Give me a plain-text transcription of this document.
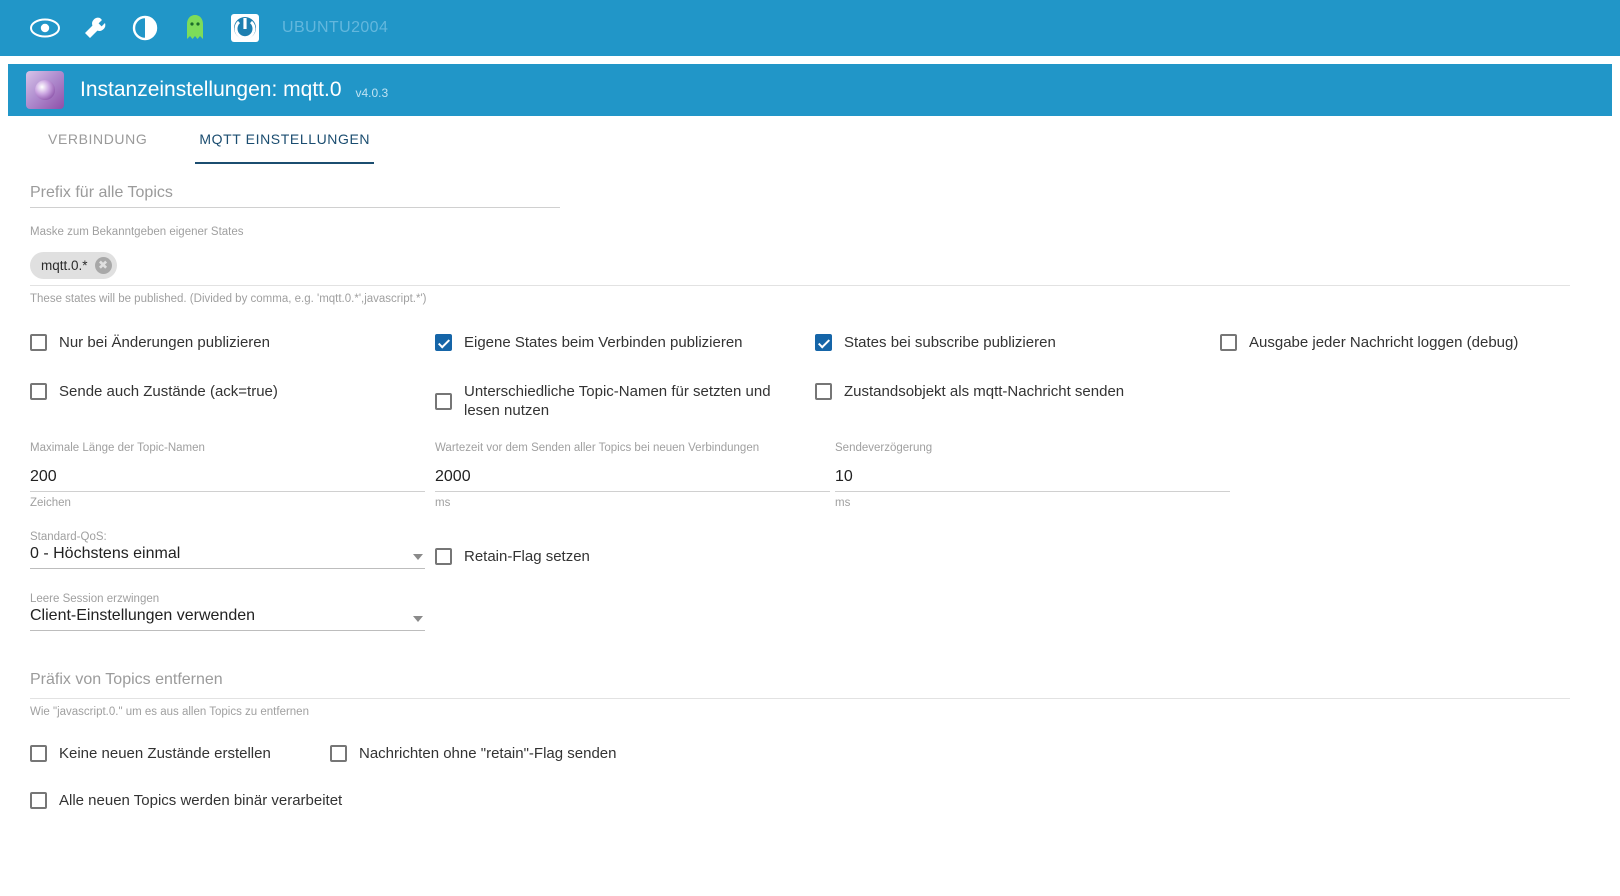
UBUNTU2004
Instanzeinstellungen: mqtt.0 v4.0.3
VERBINDUNG	MQTT EINSTELLUNGEN
Prefix für alle Topics
Maske zum Bekanntgeben eigener States
mqtt.0.* ✖
These states will be published. (Divided by comma, e.g. 'mqtt.0.*',javascript.*')
Nur bei Änderungen publizieren	Eigene States beim Verbinden publizieren	States bei subscribe publizieren	Ausgabe jeder Nachricht loggen (debug)
Sende auch Zustände (ack=true)	Unterschiedliche Topic-Namen für setzten und lesen nutzen
Zustandsobjekt als mqtt-Nachricht senden
Maximale Länge der Topic-Namen
200
Zeichen
Wartezeit vor dem Senden aller Topics bei neuen Verbindungen
2000
ms
Sendeverzögerung
10
ms
Standard-QoS:
0 - Höchstens einmal	Retain-Flag setzen
Leere Session erzwingen
Client-Einstellungen verwenden
Präfix von Topics entfernen
Wie "javascript.0." um es aus allen Topics zu entfernen
Keine neuen Zustände erstellen	Nachrichten ohne "retain"-Flag senden
Alle neuen Topics werden binär verarbeitet
